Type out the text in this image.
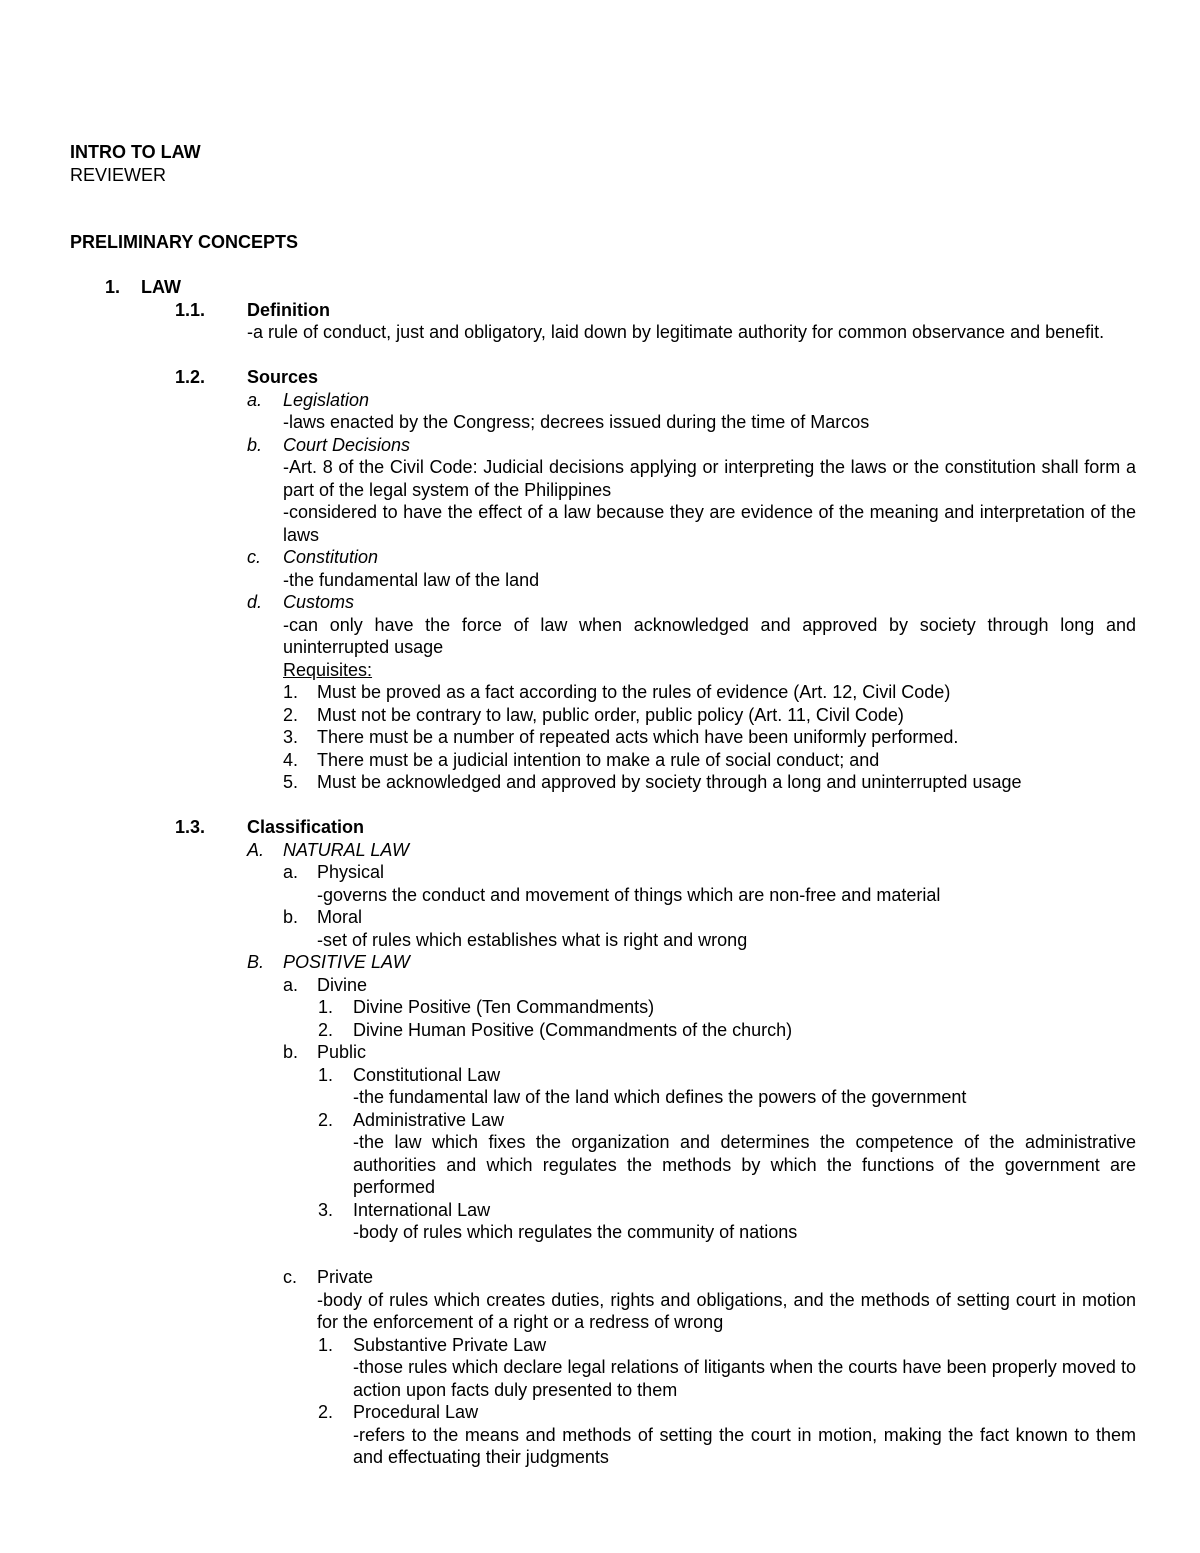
INTRO TO LAW
REVIEWER
PRELIMINARY CONCEPTS
1. LAW
1.1. Definition
-a rule of conduct, just and obligatory, laid down by legitimate authority for common observance and benefit.
1.2. Sources
a. Legislation
-laws enacted by the Congress; decrees issued during the time of Marcos
b. Court Decisions
-Art. 8 of the Civil Code: Judicial decisions applying or interpreting the laws or the constitution shall form a part of the legal system of the Philippines
-considered to have the effect of a law because they are evidence of the meaning and interpretation of the laws
c. Constitution
-the fundamental law of the land
d. Customs
-can only have the force of law when acknowledged and approved by society through long and uninterrupted usage
Requisites:
1. Must be proved as a fact according to the rules of evidence (Art. 12, Civil Code)
2. Must not be contrary to law, public order, public policy (Art. 11, Civil Code)
3. There must be a number of repeated acts which have been uniformly performed.
4. There must be a judicial intention to make a rule of social conduct; and
5. Must be acknowledged and approved by society through a long and uninterrupted usage
1.3. Classification
A. NATURAL LAW
a. Physical
-governs the conduct and movement of things which are non-free and material
b. Moral
-set of rules which establishes what is right and wrong
B. POSITIVE LAW
a. Divine
1. Divine Positive (Ten Commandments)
2. Divine Human Positive (Commandments of the church)
b. Public
1. Constitutional Law
-the fundamental law of the land which defines the powers of the government
2. Administrative Law
-the law which fixes the organization and determines the competence of the administrative authorities and which regulates the methods by which the functions of the government are performed
3. International Law
-body of rules which regulates the community of nations
c. Private
-body of rules which creates duties, rights and obligations, and the methods of setting court in motion for the enforcement of a right or a redress of wrong
1. Substantive Private Law
-those rules which declare legal relations of litigants when the courts have been properly moved to action upon facts duly presented to them
2. Procedural Law
-refers to the means and methods of setting the court in motion, making the fact known to them and effectuating their judgments
